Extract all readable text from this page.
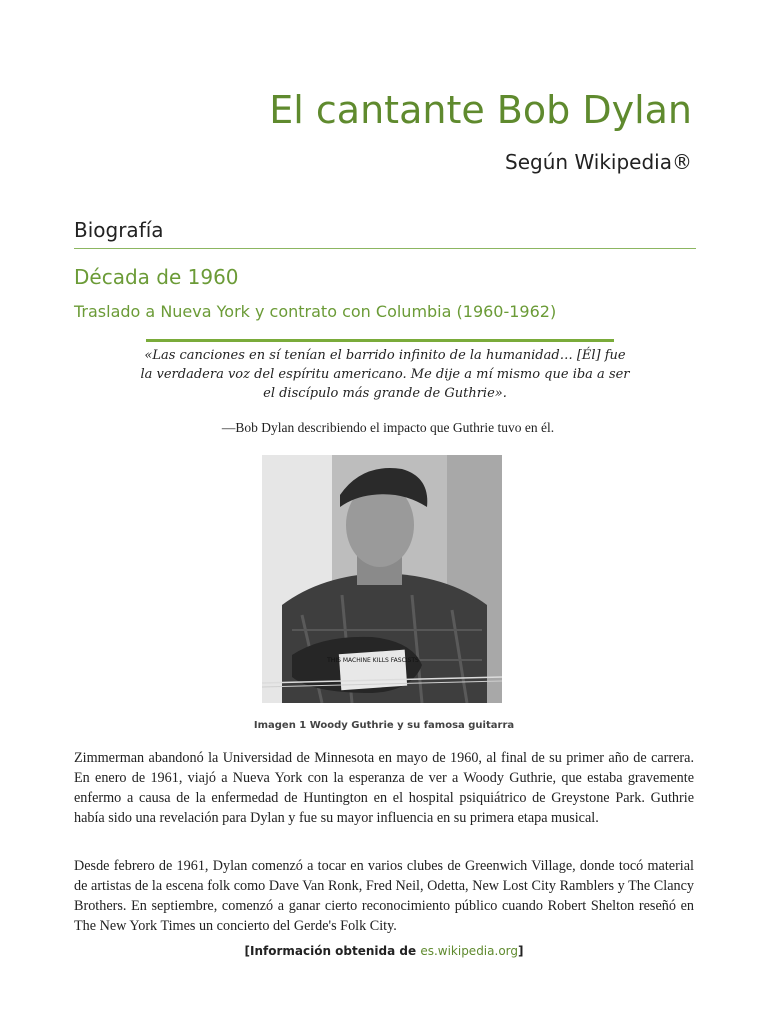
El cantante Bob Dylan

Según Wikipedia®

Biografía
Década de 1960
Traslado a Nueva York y contrato con Columbia (1960-1962)

«Las canciones en sí tenían el barrido infinito de la humanidad… [Él] fue la verdadera voz del espíritu americano. Me dije a mí mismo que iba a ser el discípulo más grande de Guthrie».

—Bob Dylan describiendo el impacto que Guthrie tuvo en él.

THIS MACHINE KILLS FASCISTS

Imagen 1 Woody Guthrie y su famosa guitarra

Zimmerman abandonó la Universidad de Minnesota en mayo de 1960, al final de su primer año de carrera. En enero de 1961, viajó a Nueva York con la esperanza de ver a Woody Guthrie, que estaba gravemente enfermo a causa de la enfermedad de Huntington en el hospital psiquiátrico de Greystone Park. Guthrie había sido una revelación para Dylan y fue su mayor influencia en su primera etapa musical.

Desde febrero de 1961, Dylan comenzó a tocar en varios clubes de Greenwich Village, donde tocó material de artistas de la escena folk como Dave Van Ronk, Fred Neil, Odetta, New Lost City Ramblers y The Clancy Brothers. En septiembre, comenzó a ganar cierto reconocimiento público cuando Robert Shelton reseñó en The New York Times un concierto del Gerde's Folk City.

[Información obtenida de es.wikipedia.org]
